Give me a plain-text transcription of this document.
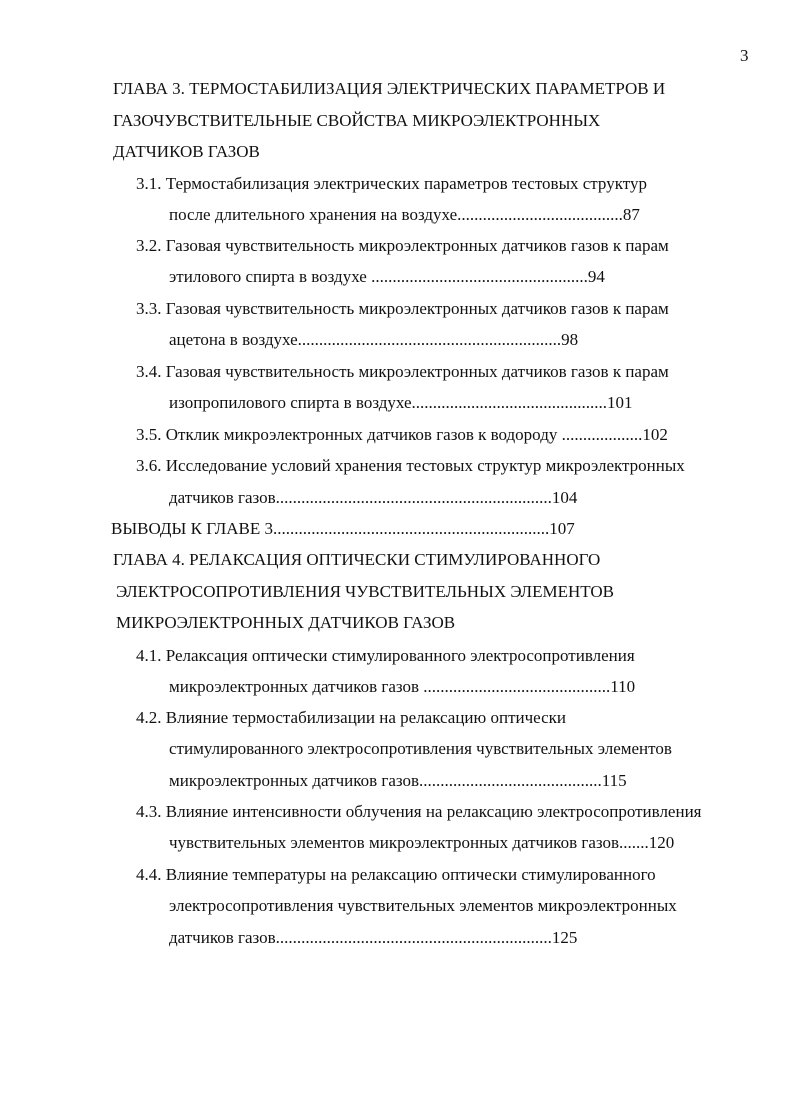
3
ГЛАВА 3. ТЕРМОСТАБИЛИЗАЦИЯ ЭЛЕКТРИЧЕСКИХ ПАРАМЕТРОВ И
ГАЗОЧУВСТВИТЕЛЬНЫЕ СВОЙСТВА МИКРОЭЛЕКТРОННЫХ
ДАТЧИКОВ ГАЗОВ
3.1. Термостабилизация электрических параметров тестовых структур
после длительного хранения на воздухе.......................................87
3.2. Газовая чувствительность микроэлектронных датчиков газов к парам
этилового спирта в воздухе ...................................................94
3.3. Газовая чувствительность микроэлектронных датчиков газов к парам
ацетона в воздухе..............................................................98
3.4. Газовая чувствительность микроэлектронных датчиков газов к парам
изопропилового спирта в воздухе..............................................101
3.5. Отклик микроэлектронных датчиков газов к водороду ...................102
3.6. Исследование условий хранения тестовых структур микроэлектронных
датчиков газов.................................................................104
ВЫВОДЫ К ГЛАВЕ 3.................................................................107
ГЛАВА 4. РЕЛАКСАЦИЯ ОПТИЧЕСКИ СТИМУЛИРОВАННОГО
ЭЛЕКТРОСОПРОТИВЛЕНИЯ ЧУВСТВИТЕЛЬНЫХ ЭЛЕМЕНТОВ
МИКРОЭЛЕКТРОННЫХ ДАТЧИКОВ ГАЗОВ
4.1. Релаксация оптически стимулированного электросопротивления
микроэлектронных датчиков газов ............................................110
4.2. Влияние термостабилизации на релаксацию оптически
стимулированного электросопротивления чувствительных элементов
микроэлектронных датчиков газов...........................................115
4.3. Влияние интенсивности облучения на релаксацию электросопротивления
чувствительных элементов микроэлектронных датчиков газов.......120
4.4. Влияние температуры на релаксацию оптически стимулированного
электросопротивления чувствительных элементов микроэлектронных
датчиков газов.................................................................125
